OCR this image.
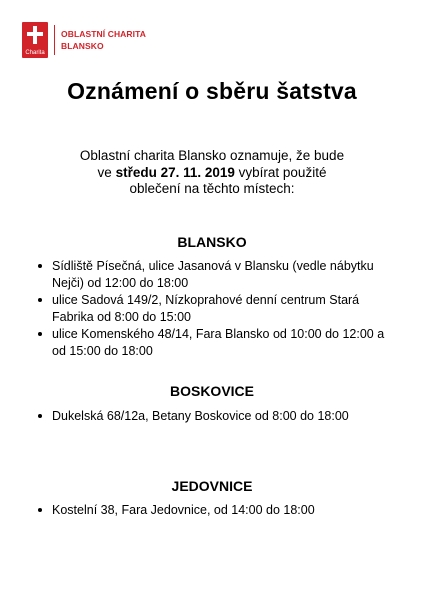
Charita
OBLASTNÍ CHARITA
BLANSKO
Oznámení o sběru šatstva
Oblastní charita Blansko oznamuje, že bude
ve středu 27. 11. 2019 vybírat použité
oblečení na těchto místech:
BLANSKO
Sídliště Písečná, ulice Jasanová v Blansku (vedle nábytku Nejči) od 12:00 do 18:00
ulice Sadová 149/2, Nízkoprahové denní centrum Stará Fabrika od 8:00 do 15:00
ulice Komenského 48/14, Fara Blansko od 10:00 do 12:00 a od 15:00 do 18:00
BOSKOVICE
Dukelská 68/12a, Betany Boskovice od 8:00 do 18:00
JEDOVNICE
Kostelní 38, Fara Jedovnice, od 14:00 do 18:00
